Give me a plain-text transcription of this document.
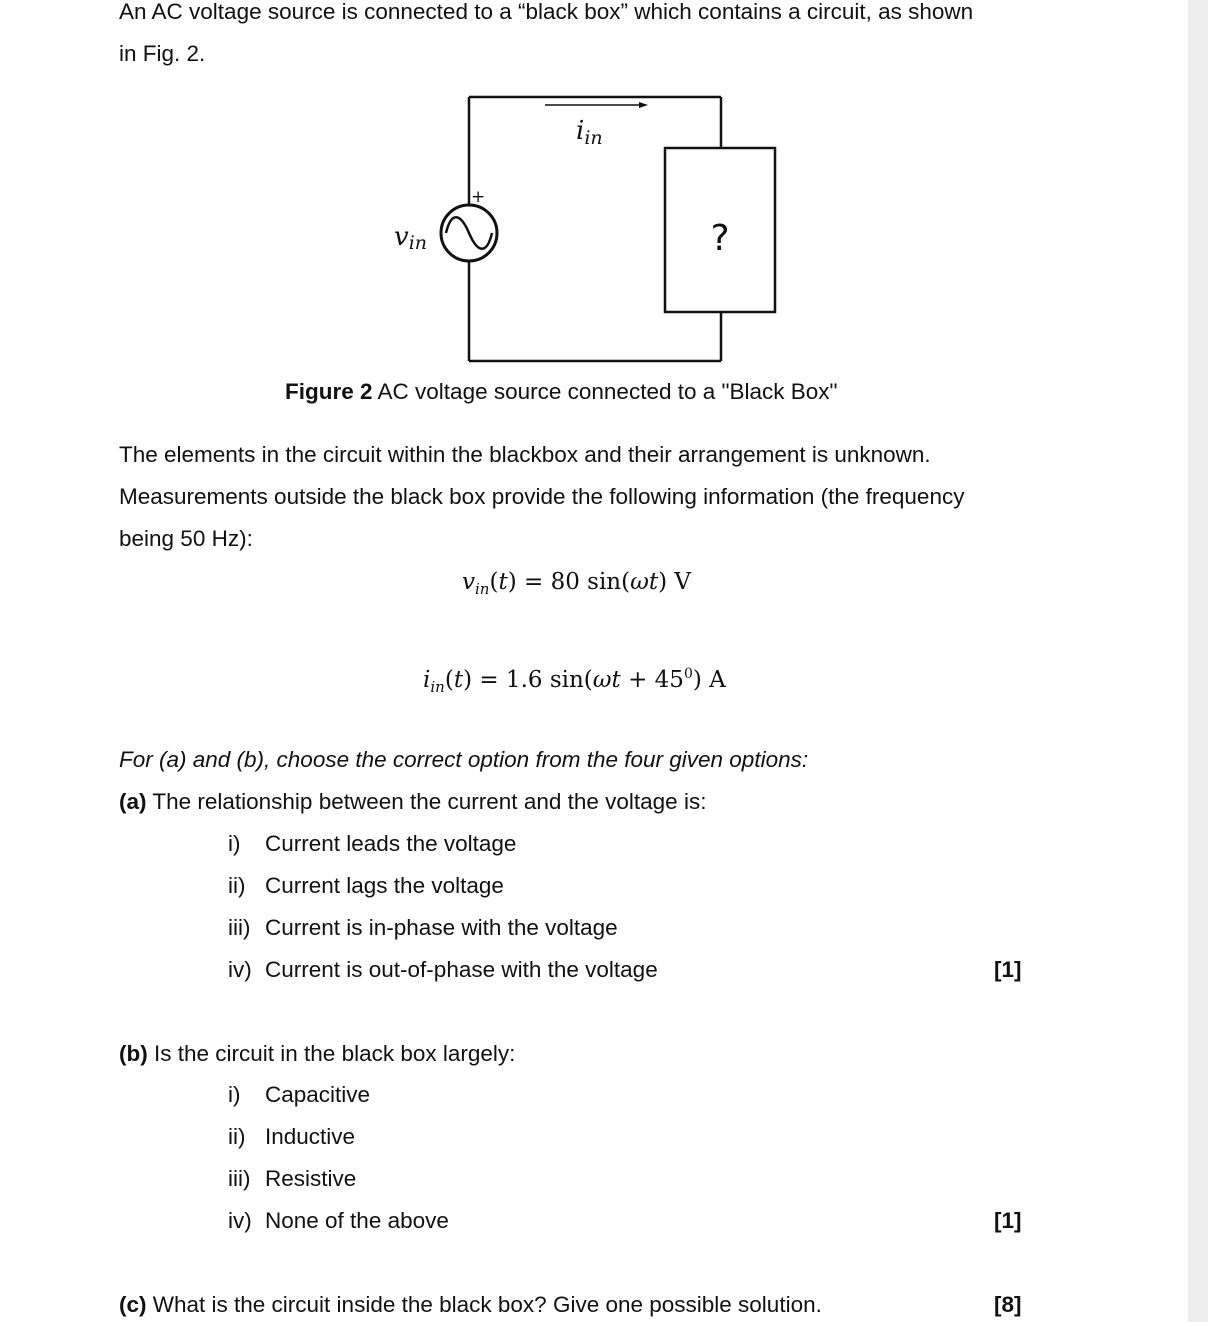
An AC voltage source is connected to a “black box” which contains a circuit, as shown
in Fig. 2.
iin
+
vin	?
Figure 2 AC voltage source connected to a "Black Box"
The elements in the circuit within the blackbox and their arrangement is unknown.
Measurements outside the black box provide the following information (the frequency
being 50 Hz):
$v_{in}(t) = 80$ sin(ωt) V
$i_{in}(t) = 1.6$ $\sin(\omega t + 45^0)$ A
For (a) and (b), choose the correct option from the four given options:
(a) The relationship between the current and the voltage is:
i) Current leads the voltage
ii) Current lags the voltage
iii) Current is in-phase with the voltage
iv) Current is out-of-phase with the voltage	[1]
(b) Is the circuit in the black box largely:
i) Capacitive
ii) Inductive
iii) Resistive
iv) None of the above	[1]
(c) What is the circuit inside the black box? Give one possible solution.	[8]
